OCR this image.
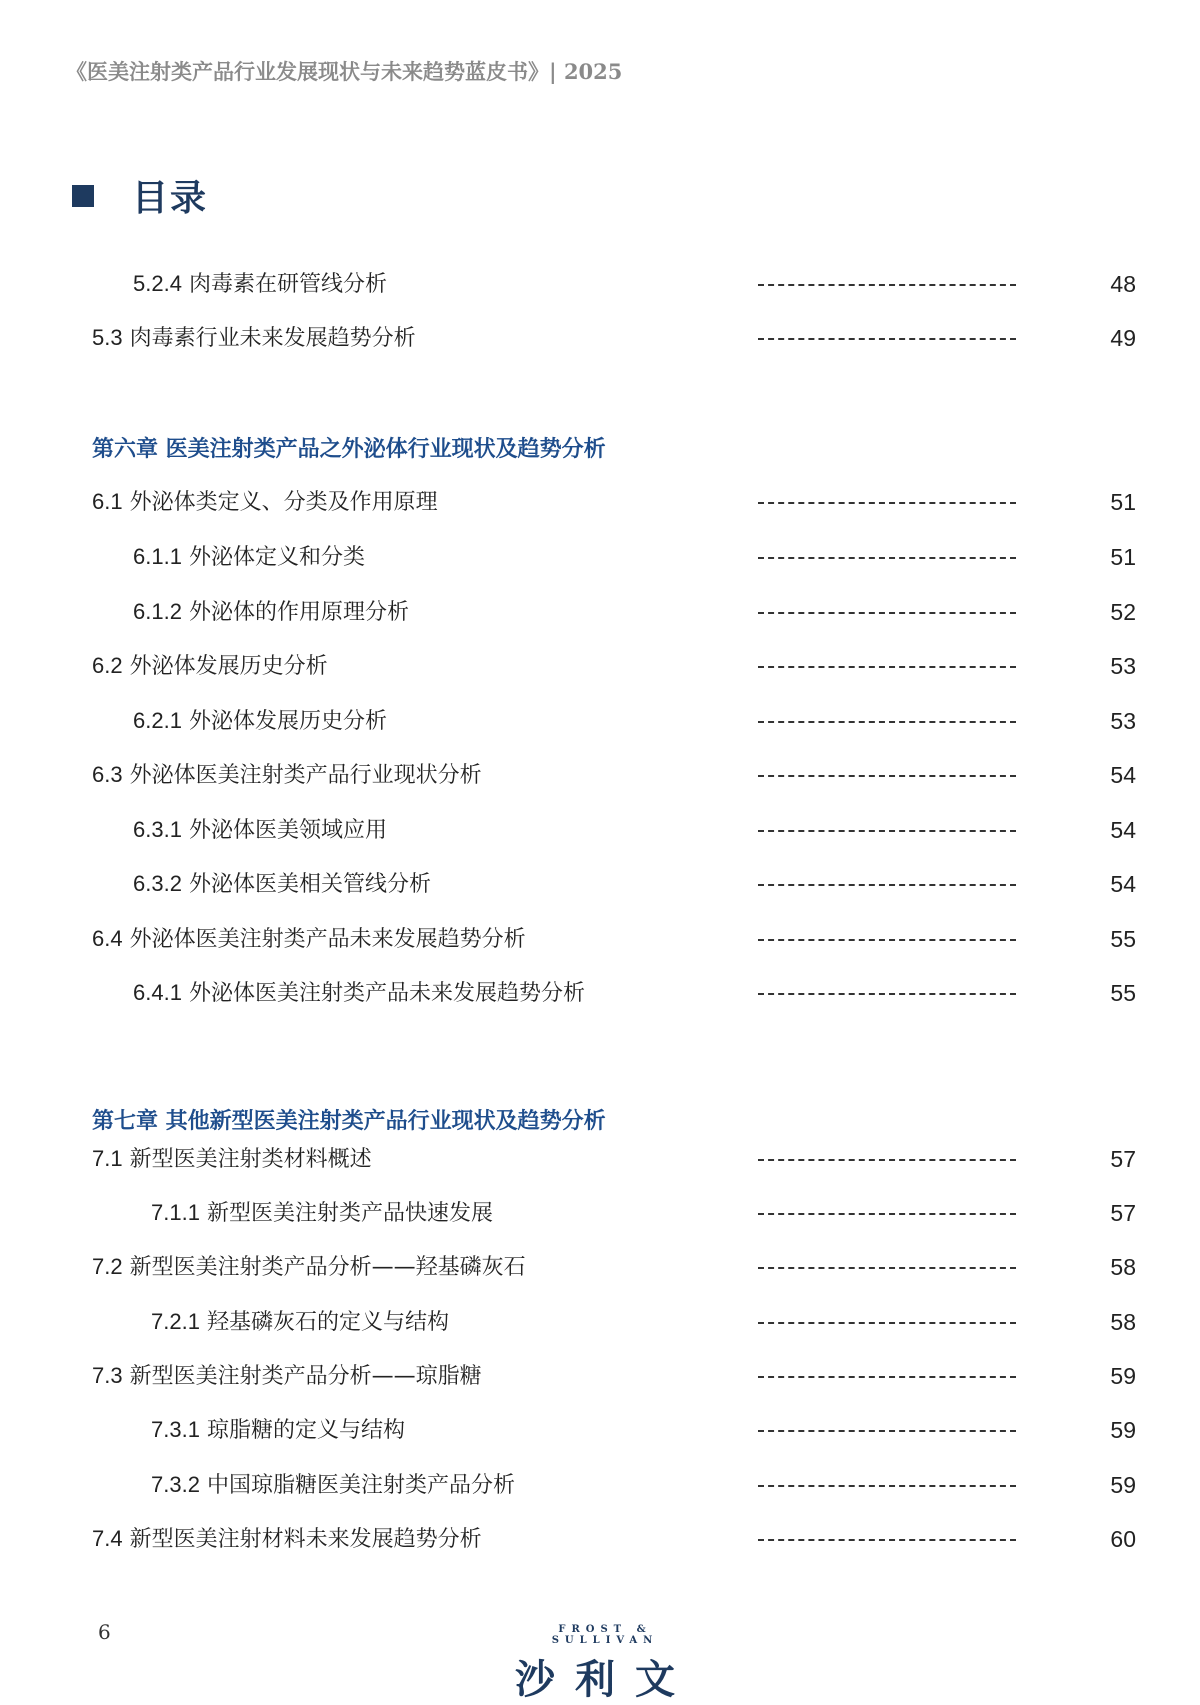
《医美注射类产品行业发展现状与未来趋势蓝皮书》| 2025
目录
5.2.4 肉毒素在研管线分析	48
5.3 肉毒素行业未来发展趋势分析	49
第六章 医美注射类产品之外泌体行业现状及趋势分析
6.1 外泌体类定义、分类及作用原理	51
6.1.1 外泌体定义和分类	51
6.1.2 外泌体的作用原理分析	52
6.2 外泌体发展历史分析	53
6.2.1 外泌体发展历史分析	53
6.3 外泌体医美注射类产品行业现状分析	54
6.3.1 外泌体医美领域应用	54
6.3.2 外泌体医美相关管线分析	54
6.4 外泌体医美注射类产品未来发展趋势分析	55
6.4.1 外泌体医美注射类产品未来发展趋势分析	55
第七章 其他新型医美注射类产品行业现状及趋势分析
7.1 新型医美注射类材料概述	57
7.1.1 新型医美注射类产品快速发展	57
7.2 新型医美注射类产品分析——羟基磷灰石	58
7.2.1 羟基磷灰石的定义与结构	58
7.3 新型医美注射类产品分析——琼脂糖	59
7.3.1 琼脂糖的定义与结构	59
7.3.2 中国琼脂糖医美注射类产品分析	59
7.4 新型医美注射材料未来发展趋势分析	60
6	FROST & SULLIVAN
沙利文
